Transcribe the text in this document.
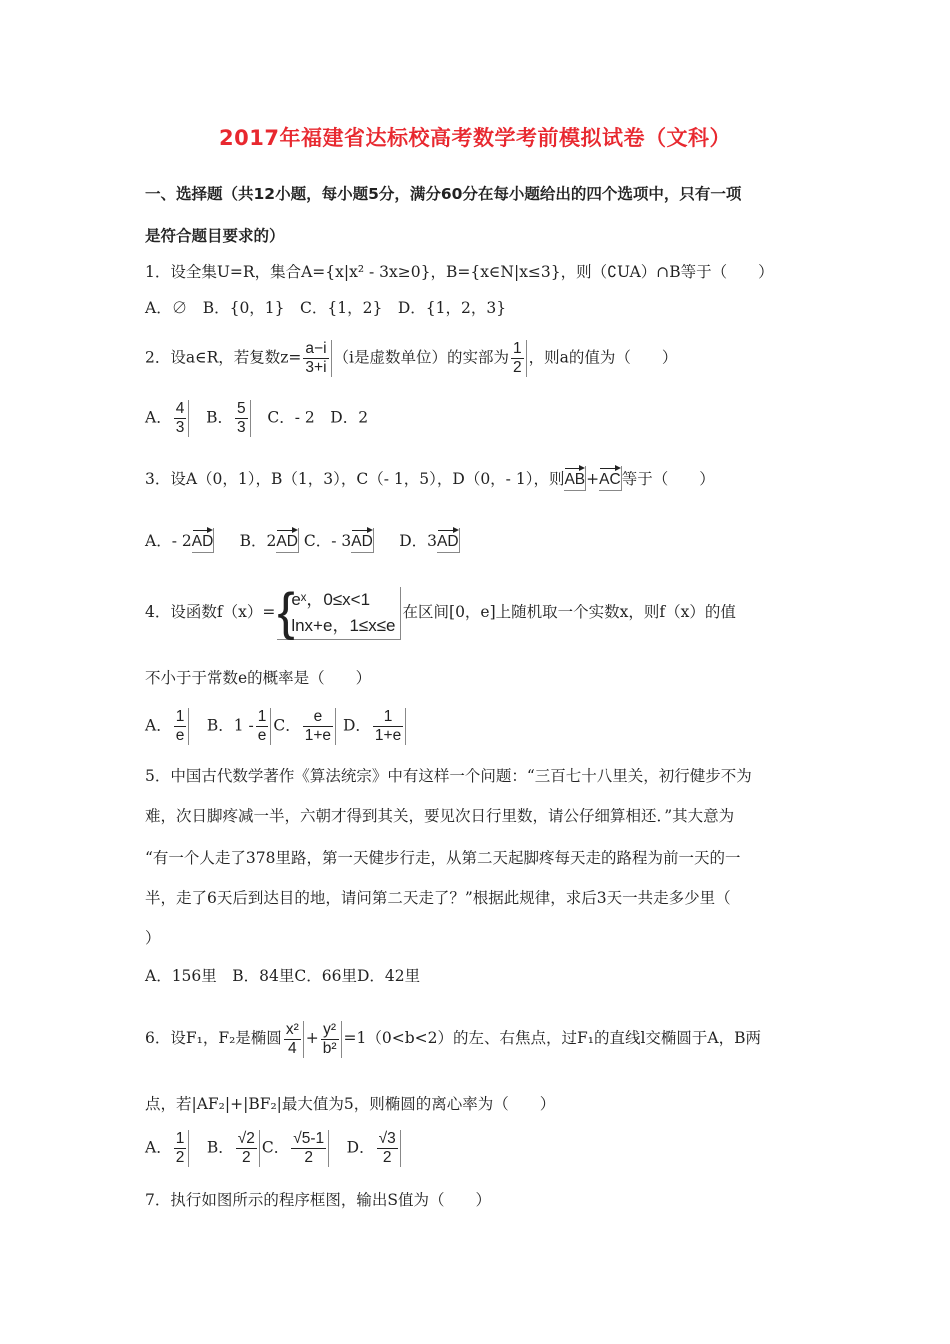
2017年福建省达标校高考数学考前模拟试卷（文科）
一、选择题（共12小题，每小题5分，满分60分在每小题给出的四个选项中，只有一项
是符合题目要求的）
1．设全集U=R，集合A={x|x² - 3x≥0}，B={x∈N|x≤3}，则（∁UA）∩B等于（　　）
A．∅　B．{0，1}　C．{1，2}　D．{1，2，3}
2．设a∈R，若复数$z= \frac{a-i}{3+i} (i$是虚数单位）的实部为 $\frac{1}{2}$ ，则a的值为（　　）
A． $\frac{4}{3}$ B． $\frac{5}{3}$ C．- 2　D．2
3．设A（0，1），B（1，3），C（- 1，5），D（0，- 1），则AB+AC等于（　　）
A．- 2AD  　B．2AD C．- 3AD  　D．3AD
4．设函数f（x）= {
eˣ，0≤x<1
lnx+e，1≤x≤e
在区间[0，e]上随机取一个实数x，则f（x）的值
不小于于常数e的概率是（　　）
A． $\frac{1}{e}$ 　B．$1 - \frac{1}{e}$ C． $\frac{e}{1+e}$ D． $\frac{1}{1+e}$
5．中国古代数学著作《算法统宗》中有这样一个问题：“三百七十八里关，初行健步不为
难，次日脚疼减一半，六朝才得到其关，要见次日行里数，请公仔细算相还．”其大意为
“有一个人走了378里路，第一天健步行走，从第二天起脚疼每天走的路程为前一天的一
半，走了6天后到达目的地，请问第二天走了？”根据此规律，求后3天一共走多少里（
）
A．156里　B．84里C．66里D．42里
6．设F₁，F₂是椭圆 $\frac{\text{x²}}{4} + \frac{\text{y²}}{\text{b²}} =1(0<b<2)$的左、右焦点，过F₁的直线l交椭圆于A，B两
点，若|AF₂|+|BF₂|最大值为5，则椭圆的离心率为（　　）
A． $\frac{1}{2}$ 　B． $\frac{√2}{2}$ C． $\frac{√5-1}{2}$ 　D． $\frac{√3}{2}$
7．执行如图所示的程序框图，输出S值为（　　）
